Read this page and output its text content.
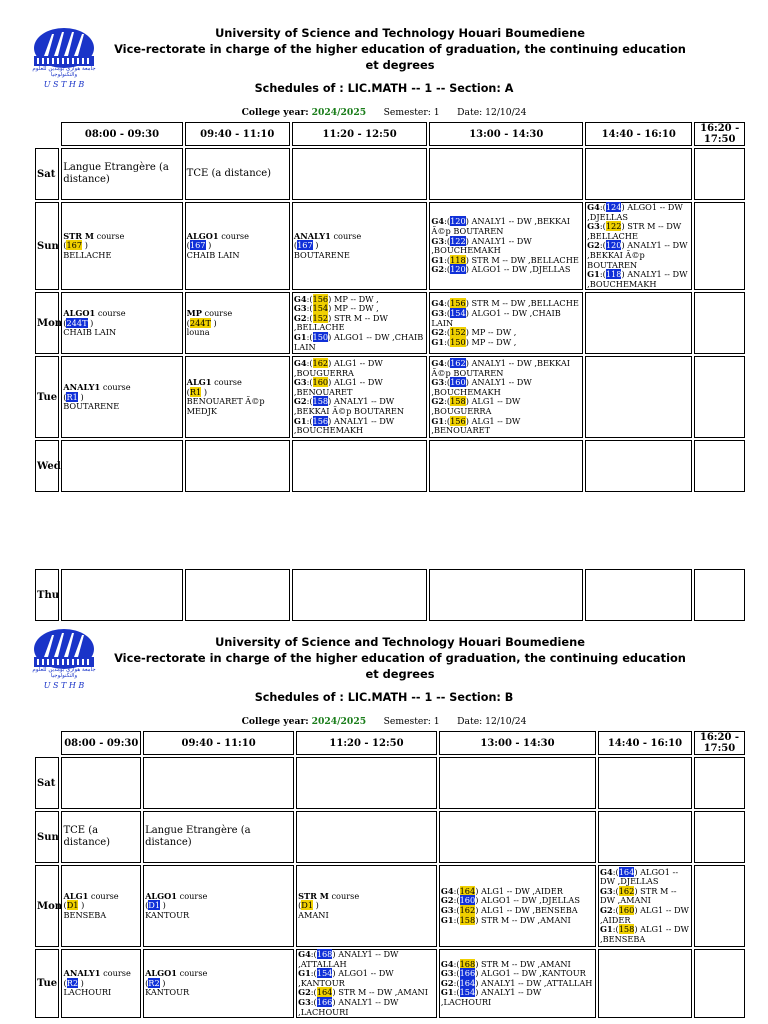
جامعة هواري بومدين للعلوم والتكنولوجيا
U S T H B
University of Science and Technology Houari Boumediene
Vice-rectorate in charge of the higher education of graduation, the continuing education
et degrees
Schedules of : LIC.MATH -- 1 -- Section: A
College year: 2024/2025 Semester: 1 Date: 12/10/24
	08:00 - 09:30	09:40 - 11:10	11:20 - 12:50	13:00 - 14:30	14:40 - 16:10	16:20 - 17:50
Sat	Langue Etrangère (a distance)	TCE (a distance)				
Sun	STR M course
(167 )
BELLACHE	ALGO1 course
(167 )
CHAIB LAIN	ANALY1 course
(167 )
BOUTARENE	G4:(120) ANALY1 -- DW ,BEKKAI Ã©p BOUTAREN
G3:(122) ANALY1 -- DW ,BOUCHEMAKH
G1:(118) STR M -- DW ,BELLACHE
G2:(120) ALGO1 -- DW ,DJELLAS	G4:(124) ALGO1 -- DW ,DJELLAS
G3:(122) STR M -- DW ,BELLACHE
G2:(120) ANALY1 -- DW ,BEKKAI Ã©p BOUTAREN
G1:(118) ANALY1 -- DW ,BOUCHEMAKH	

Mon	ALGO1 course
(244T )
CHAIB LAIN	MP course
(244T )
louna	G4:(156) MP -- DW ,
G3:(154) MP -- DW ,
G2:(152) STR M -- DW ,BELLACHE
G1:(150) ALGO1 -- DW ,CHAIB LAIN	G4:(156) STR M -- DW ,BELLACHE
G3:(154) ALGO1 -- DW ,CHAIB LAIN
G2:(152) MP -- DW ,
G1:(150) MP -- DW ,		

Tue	ANALY1 course
(R1 )
BOUTARENE	ALG1 course
(R1 )
BENOUARET Ã©p MEDJK	G4:(162) ALG1 -- DW ,BOUGUERRA
G3:(160) ALG1 -- DW ,BENOUARET
G2:(158) ANALY1 -- DW ,BEKKAI Ã©p BOUTAREN
G1:(156) ANALY1 -- DW ,BOUCHEMAKH	G4:(162) ANALY1 -- DW ,BEKKAI Ã©p BOUTAREN
G3:(160) ANALY1 -- DW ,BOUCHEMAKH
G2:(158) ALG1 -- DW ,BOUGUERRA
G1:(156) ALG1 -- DW ,BENOUARET		

Wed						

Thu						
جامعة هواري بومدين للعلوم والتكنولوجيا
U S T H B
University of Science and Technology Houari Boumediene
Vice-rectorate in charge of the higher education of graduation, the continuing education
et degrees
Schedules of : LIC.MATH -- 1 -- Section: B
College year: 2024/2025 Semester: 1 Date: 12/10/24
	08:00 - 09:30	09:40 - 11:10	11:20 - 12:50	13:00 - 14:30	14:40 - 16:10	16:20 - 17:50
Sat						
Sun	TCE (a distance)	Langue Etrangère (a distance)				
Mon	ALG1 course
(D1 )
BENSEBA	ALGO1 course
(D1 )
KANTOUR	STR M course
(D1 )
AMANI	G4:(164) ALG1 -- DW ,AIDER
G2:(160) ALGO1 -- DW ,DJELLAS
G3:(162) ALG1 -- DW ,BENSEBA
G1:(158) STR M -- DW ,AMANI	G4:(164) ALGO1 -- DW ,DJELLAS
G3:(162) STR M -- DW ,AMANI
G2:(160) ALG1 -- DW ,AIDER
G1:(158) ALG1 -- DW ,BENSEBA	

Tue	ANALY1 course
(R2 )
LACHOURI	ALGO1 course
(R2 )
KANTOUR	G4:(168) ANALY1 -- DW ,ATTALLAH
G1:(154) ALGO1 -- DW ,KANTOUR
G2:(164) STR M -- DW ,AMANI
G3:(166) ANALY1 -- DW ,LACHOURI	G4:(168) STR M -- DW ,AMANI
G3:(166) ALGO1 -- DW ,KANTOUR
G2:(164) ANALY1 -- DW ,ATTALLAH
G1:(154) ANALY1 -- DW ,LACHOURI		
